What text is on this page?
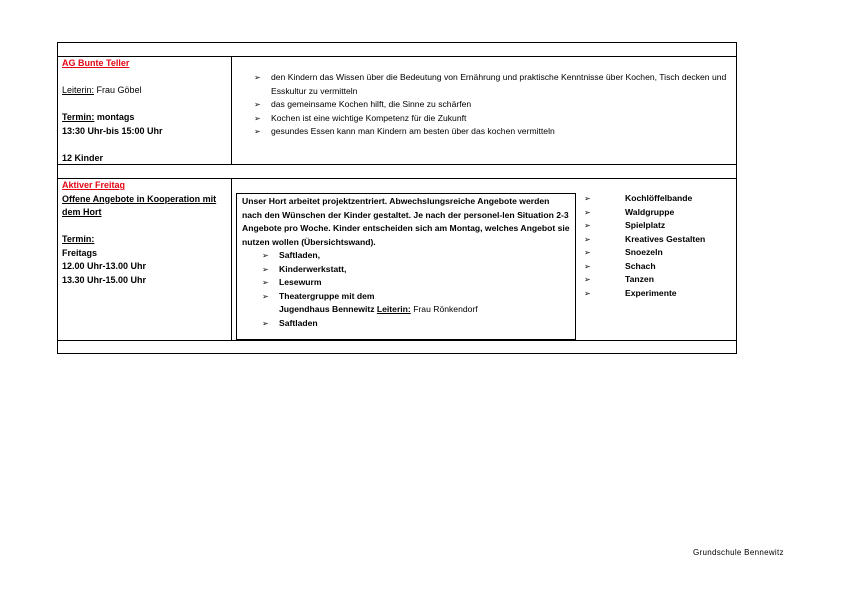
AG Bunte Teller
Leiterin: Frau Göbel
Termin: montags
13:30 Uhr-bis 15:00 Uhr
12 Kinder
➢ den Kindern das Wissen über die Bedeutung von Ernährung und praktische Kenntnisse über Kochen, Tisch decken und Esskultur zu vermitteln
➢ das gemeinsame Kochen hilft, die Sinne zu schärfen
➢ Kochen ist eine wichtige Kompetenz für die Zukunft
➢ gesundes Essen kann man Kindern am besten über das kochen vermitteln
Aktiver Freitag
Offene Angebote in Kooperation mit dem Hort
Termin:
Freitags
12.00 Uhr-13.00 Uhr
13.30 Uhr-15.00 Uhr
Unser Hort arbeitet projektzentriert. Abwechslungsreiche Angebote werden nach den Wünschen der Kinder gestaltet. Je nach der personel-len Situation 2-3 Angebote pro Woche. Kinder entscheiden sich am Montag, welches Angebot sie nutzen wollen (Übersichtswand).
➢ Saftladen,
➢ Kinderwerkstatt,
➢ Lesewurm
➢ Theatergruppe mit dem
Jugendhaus Bennewitz Leiterin: Frau Rönkendorf
➢ Saftladen
➢	Kochlöffelbande
➢	Waldgruppe
➢	Spielplatz
➢	Kreatives Gestalten
➢	Snoezeln
➢	Schach
➢	Tanzen
➢	Experimente
Grundschule Bennewitz
